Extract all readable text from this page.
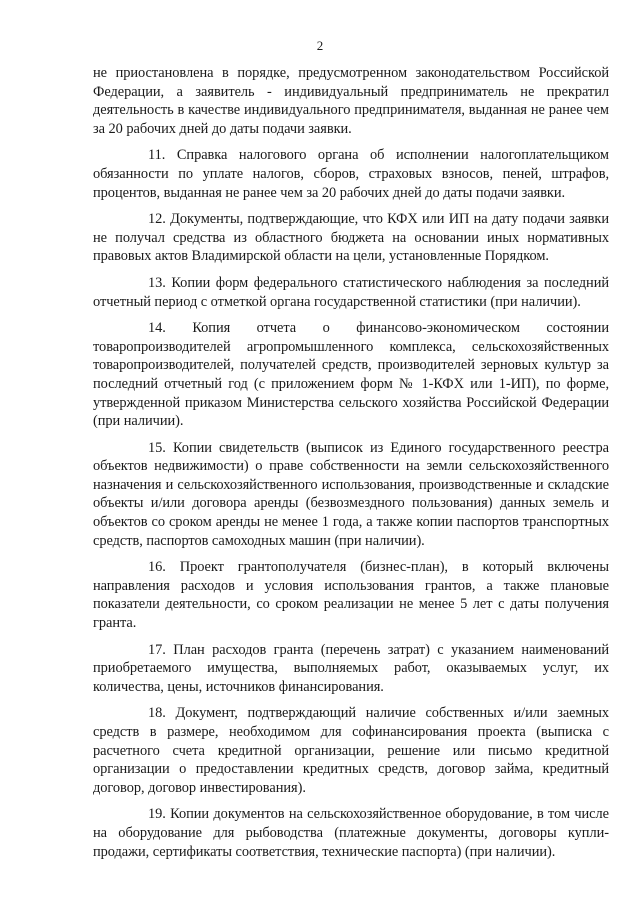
2

не приостановлена в порядке, предусмотренном законодательством Российской Федерации, а заявитель - индивидуальный предприниматель не прекратил деятельность в качестве индивидуального предпринимателя, выданная не ранее чем за 20 рабочих дней до даты подачи заявки.

11. Справка налогового органа об исполнении налогоплательщиком обязанности по уплате налогов, сборов, страховых взносов, пеней, штрафов, процентов, выданная не ранее чем за 20 рабочих дней до даты подачи заявки.

12. Документы, подтверждающие, что КФХ или ИП на дату подачи заявки не получал средства из областного бюджета на основании иных нормативных правовых актов Владимирской области на цели, установленные Порядком.

13. Копии форм федерального статистического наблюдения за последний отчетный период с отметкой органа государственной статистики (при наличии).

14. Копия отчета о финансово-экономическом состоянии товаропроизводителей агропромышленного комплекса, сельскохозяйственных товаропроизводителей, получателей средств, производителей зерновых культур за последний отчетный год (с приложением форм № 1-КФХ или 1-ИП), по форме, утвержденной приказом Министерства сельского хозяйства Российской Федерации (при наличии).

15. Копии свидетельств (выписок из Единого государственного реестра объектов недвижимости) о праве собственности на земли сельскохозяйственного назначения и сельскохозяйственного использования, производственные и складские объекты и/или договора аренды (безвозмездного пользования) данных земель и объектов со сроком аренды не менее 1 года, а также копии паспортов транспортных средств, паспортов самоходных машин (при наличии).

16. Проект грантополучателя (бизнес-план), в который включены направления расходов и условия использования грантов, а также плановые показатели деятельности, со сроком реализации не менее 5 лет с даты получения гранта.

17. План расходов гранта (перечень затрат) с указанием наименований приобретаемого имущества, выполняемых работ, оказываемых услуг, их количества, цены, источников финансирования.

18. Документ, подтверждающий наличие собственных и/или заемных средств в размере, необходимом для софинансирования проекта (выписка с расчетного счета кредитной организации, решение или письмо кредитной организации о предоставлении кредитных средств, договор займа, кредитный договор, договор инвестирования).

19. Копии документов на сельскохозяйственное оборудование, в том числе на оборудование для рыбоводства (платежные документы, договоры купли-продажи, сертификаты соответствия, технические паспорта) (при наличии).
